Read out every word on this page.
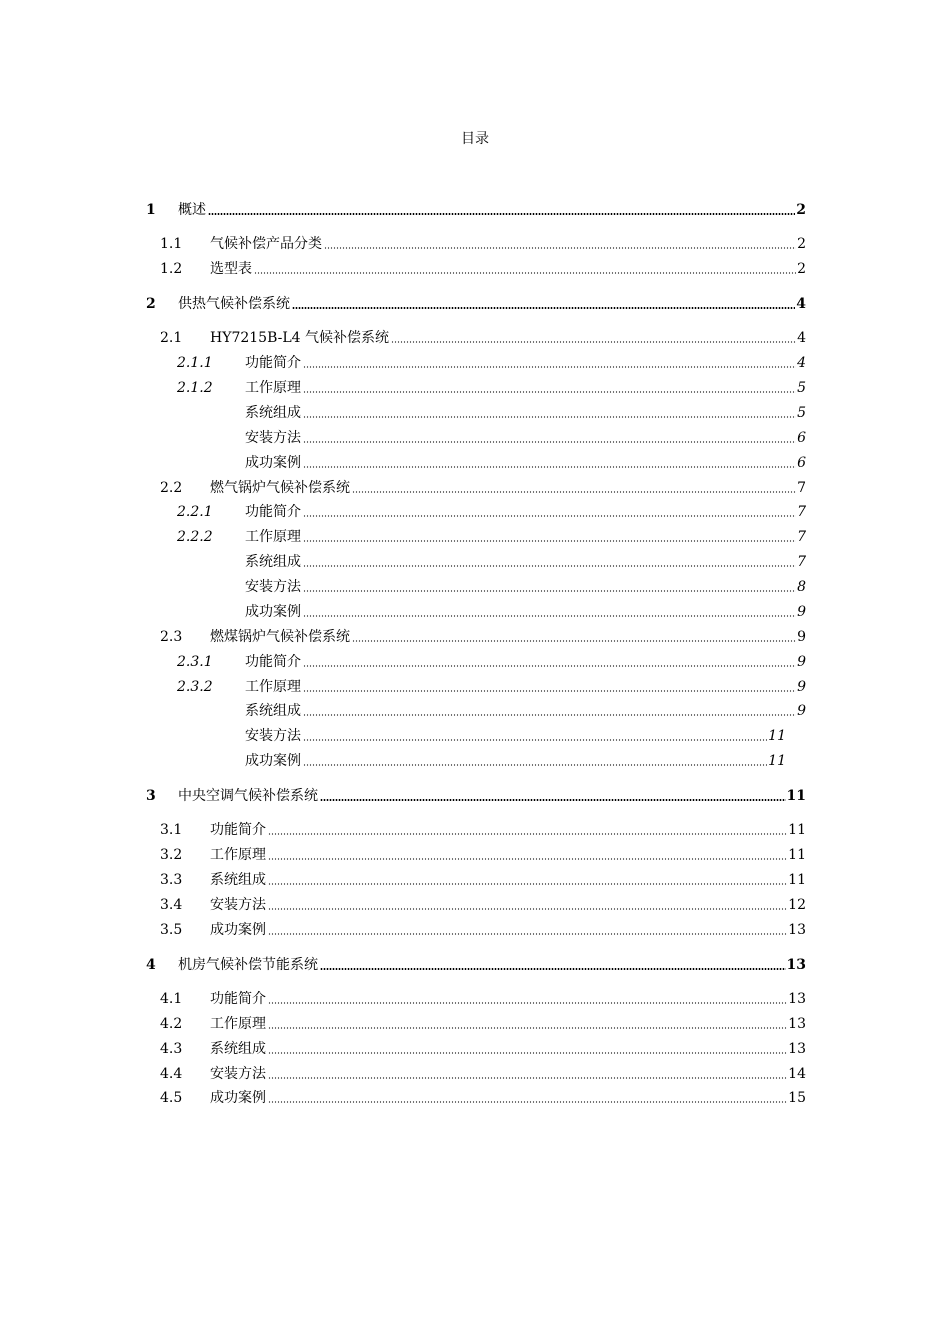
目录
1	概述	2
1.1	气候补偿产品分类	2
1.2	选型表	2
2	供热气候补偿系统	4
2.1	HY7215B-L4 气候补偿系统	4
2.1.1	功能简介	4
2.1.2	工作原理	5
系统组成	5
安装方法	6
成功案例	6
2.2	燃气锅炉气候补偿系统	7
2.2.1	功能简介	7
2.2.2	工作原理	7
系统组成	7
安装方法	8
成功案例	9
2.3	燃煤锅炉气候补偿系统	9
2.3.1	功能简介	9
2.3.2	工作原理	9
系统组成	9
安装方法	11
成功案例	11
3	中央空调气候补偿系统	11
3.1	功能简介	11
3.2	工作原理	11
3.3	系统组成	11
3.4	安装方法	12
3.5	成功案例	13
4	机房气候补偿节能系统	13
4.1	功能简介	13
4.2	工作原理	13
4.3	系统组成	13
4.4	安装方法	14
4.5	成功案例	15
